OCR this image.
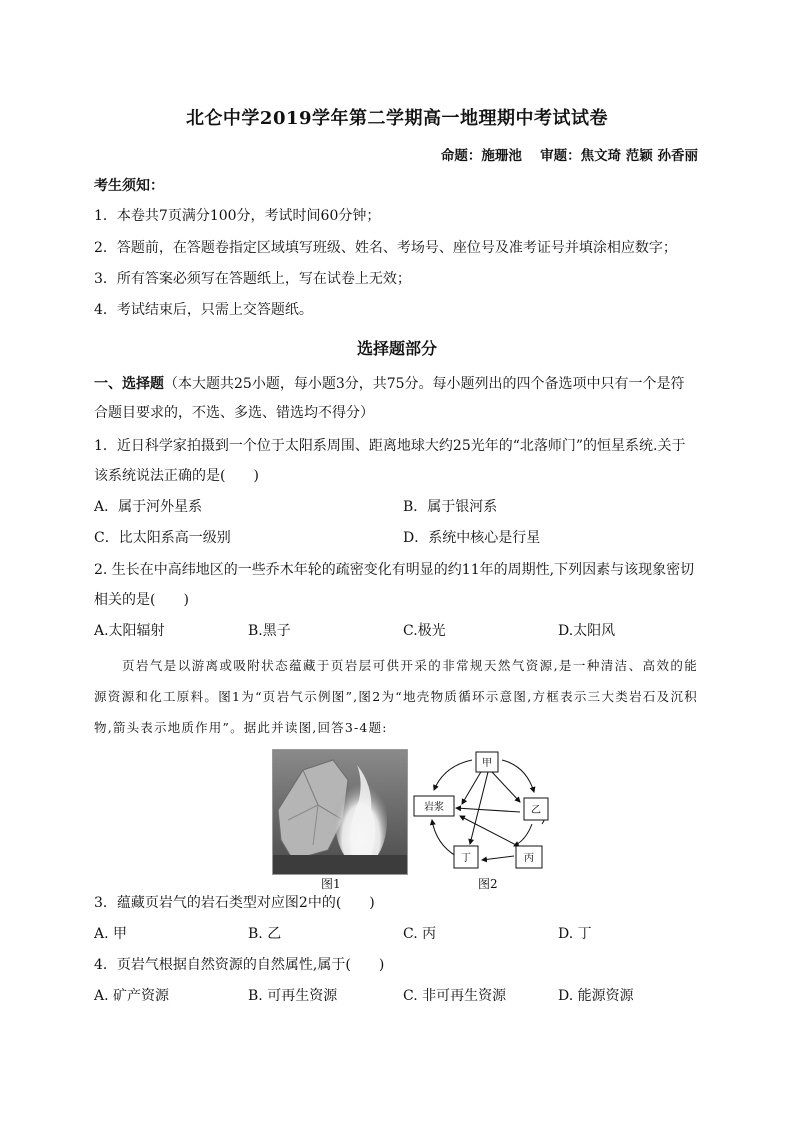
北仑中学2019学年第二学期高一地理期中考试试卷
命题：施珊池　 审题：焦文琦 范颖 孙香丽
考生须知：
1．本卷共7页满分100分，考试时间60分钟；
2．答题前，在答题卷指定区域填写班级、姓名、考场号、座位号及准考证号并填涂相应数字；
3．所有答案必须写在答题纸上，写在试卷上无效；
4．考试结束后，只需上交答题纸。
选择题部分
一、选择题（本大题共25小题，每小题3分，共75分。每小题列出的四个备选项中只有一个是符
合题目要求的，不选、多选、错选均不得分）
1．近日科学家拍摄到一个位于太阳系周围、距离地球大约25光年的“北落师门”的恒星系统.关于
该系统说法正确的是(　　)
A．属于河外星系	B．属于银河系
C．比太阳系高一级别	D．系统中核心是行星
2. 生长在中高纬地区的一些乔木年轮的疏密变化有明显的约11年的周期性,下列因素与该现象密切
相关的是(　　)
A.太阳辐射	B.黑子	C.极光	D.太阳风
页岩气是以游离或吸附状态蕴藏于页岩层可供开采的非常规天然气资源,是一种清洁、高效的能源资源和化工原料。图1为“页岩气示例图”,图2为“地壳物质循环示意图,方框表示三大类岩石及沉积物,箭头表示地质作用”。据此并读图,回答3-4题:
图1
甲
岩浆	乙
丙
丁
图2
3．蕴藏页岩气的岩石类型对应图2中的(　　)
A. 甲	B. 乙	C. 丙	D. 丁
4．页岩气根据自然资源的自然属性,属于(　　)
A. 矿产资源	B. 可再生资源	C. 非可再生资源	D. 能源资源
